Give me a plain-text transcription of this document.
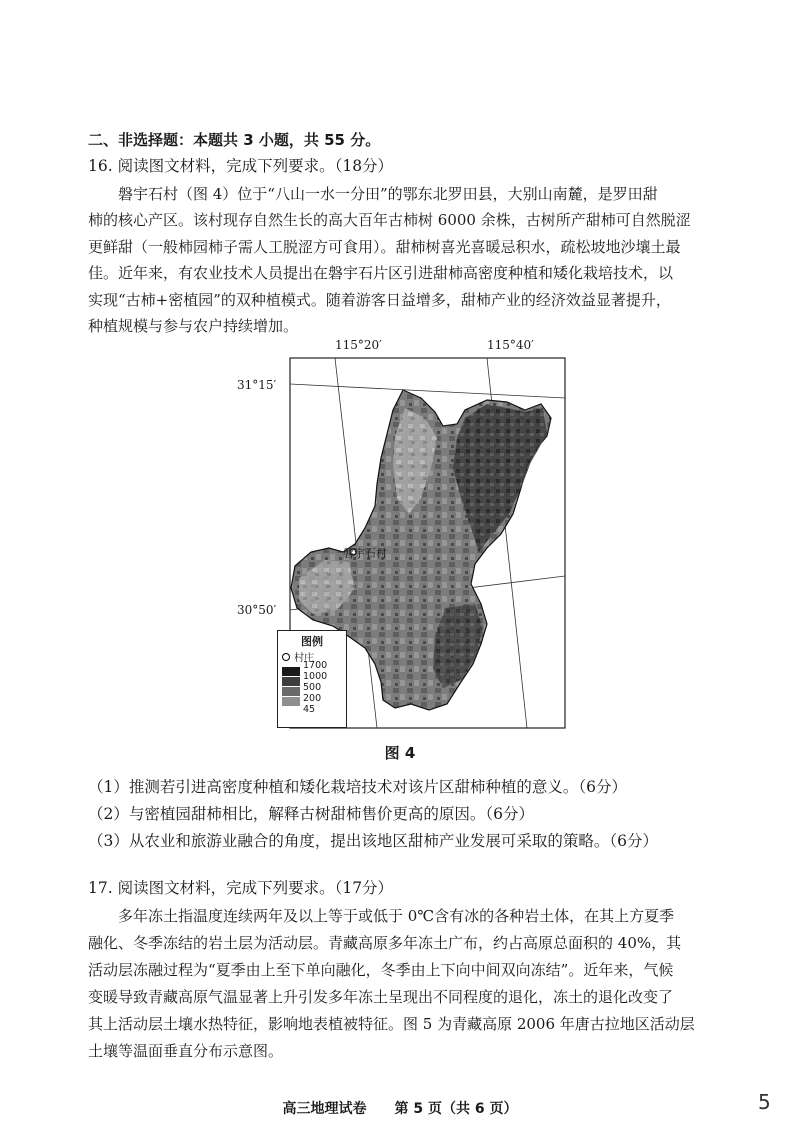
二、非选择题：本题共 3 小题，共 55 分。
16. 阅读图文材料，完成下列要求。（18分）
磐宇石村（图 4）位于“八山一水一分田”的鄂东北罗田县，大别山南麓，是罗田甜
柿的核心产区。该村现存自然生长的高大百年古柿树 6000 余株，古树所产甜柿可自然脱涩
更鲜甜（一般柿园柿子需人工脱涩方可食用）。甜柿树喜光喜暖忌积水，疏松坡地沙壤土最
佳。近年来，有农业技术人员提出在磐宇石片区引进甜柿高密度种植和矮化栽培技术，以
实现“古柿+密植园”的双种植模式。随着游客日益增多，甜柿产业的经济效益显著提升，
种植规模与参与农户持续增加。
115°20′	115°40′
31°15′
30°50′
磐宇石村
图例
村庄
1700
1000
500
200
45
图 4
（1）推测若引进高密度种植和矮化栽培技术对该片区甜柿种植的意义。（6分）
（2）与密植园甜柿相比，解释古树甜柿售价更高的原因。（6分）
（3）从农业和旅游业融合的角度，提出该地区甜柿产业发展可采取的策略。（6分）
17. 阅读图文材料，完成下列要求。（17分）
多年冻土指温度连续两年及以上等于或低于 0℃含有冰的各种岩土体，在其上方夏季
融化、冬季冻结的岩土层为活动层。青藏高原多年冻土广布，约占高原总面积的 40%，其
活动层冻融过程为“夏季由上至下单向融化，冬季由上下向中间双向冻结”。近年来，气候
变暖导致青藏高原气温显著上升引发多年冻土呈现出不同程度的退化，冻土的退化改变了
其上活动层土壤水热特征，影响地表植被特征。图 5 为青藏高原 2006 年唐古拉地区活动层
土壤等温面垂直分布示意图。
高三地理试卷　　第 5 页（共 6 页）	5
